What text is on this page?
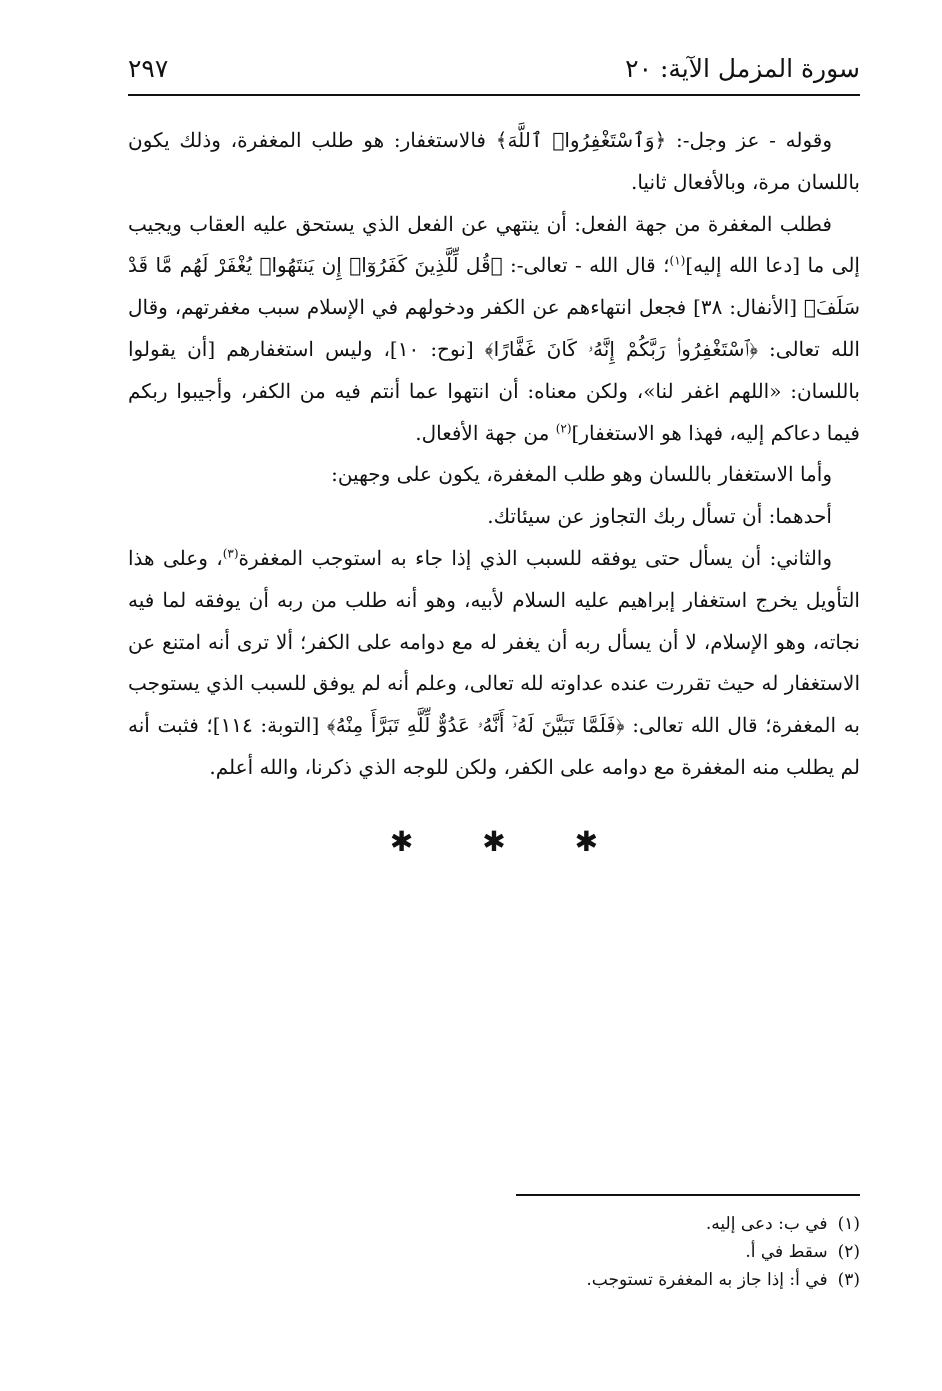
سورة المزمل الآية: ٢٠
٢٩٧

وقوله - عز وجل-: ﴿وَٱسْتَغْفِرُوا۟ ٱللَّهَ﴾ فالاستغفار: هو طلب المغفرة، وذلك يكون باللسان مرة، وبالأفعال ثانيا.

فطلب المغفرة من جهة الفعل: أن ينتهي عن الفعل الذي يستحق عليه العقاب ويجيب إلى ما [دعا الله إليه]$^{(١)}$؛ قال الله - تعالى-: ﴿قُل لِّلَّذِينَ كَفَرُوٓا۟ إِن يَنتَهُوا۟ يُغْفَرْ لَهُم مَّا قَدْ سَلَفَ﴾ [الأنفال: ٣٨] فجعل انتهاءهم عن الكفر ودخولهم في الإسلام سبب مغفرتهم، وقال الله تعالى: ﴿ٱسْتَغْفِرُوا۟ رَبَّكُمْ إِنَّهُۥ كَانَ غَفَّارًا﴾ [نوح: ١٠]، وليس استغفارهم [أن يقولوا باللسان: «اللهم اغفر لنا»، ولكن معناه: أن انتهوا عما أنتم فيه من الكفر، وأجيبوا ربكم فيما دعاكم إليه، فهذا هو الاستغفار]$^{(٢)}$ من جهة الأفعال.

وأما الاستغفار باللسان وهو طلب المغفرة، يكون على وجهين:

أحدهما: أن تسأل ربك التجاوز عن سيئاتك.

والثاني: أن يسأل حتى يوفقه للسبب الذي إذا جاء به استوجب المغفرة$^{(٣)}$، وعلى هذا التأويل يخرج استغفار إبراهيم عليه السلام لأبيه، وهو أنه طلب من ربه أن يوفقه لما فيه نجاته، وهو الإسلام، لا أن يسأل ربه أن يغفر له مع دوامه على الكفر؛ ألا ترى أنه امتنع عن الاستغفار له حيث تقررت عنده عداوته لله تعالى، وعلم أنه لم يوفق للسبب الذي يستوجب به المغفرة؛ قال الله تعالى: ﴿فَلَمَّا تَبَيَّنَ لَهُۥٓ أَنَّهُۥ عَدُوٌّ لِّلَّهِ تَبَرَّأَ مِنْهُ﴾ [التوبة: ١١٤]؛ فثبت أنه لم يطلب منه المغفرة مع دوامه على الكفر، ولكن للوجه الذي ذكرنا، والله أعلم.

✱ ✱ ✱
(١)في ب: دعى إليه.
(٢)سقط في أ.
(٣)في أ: إذا جاز به المغفرة تستوجب.
